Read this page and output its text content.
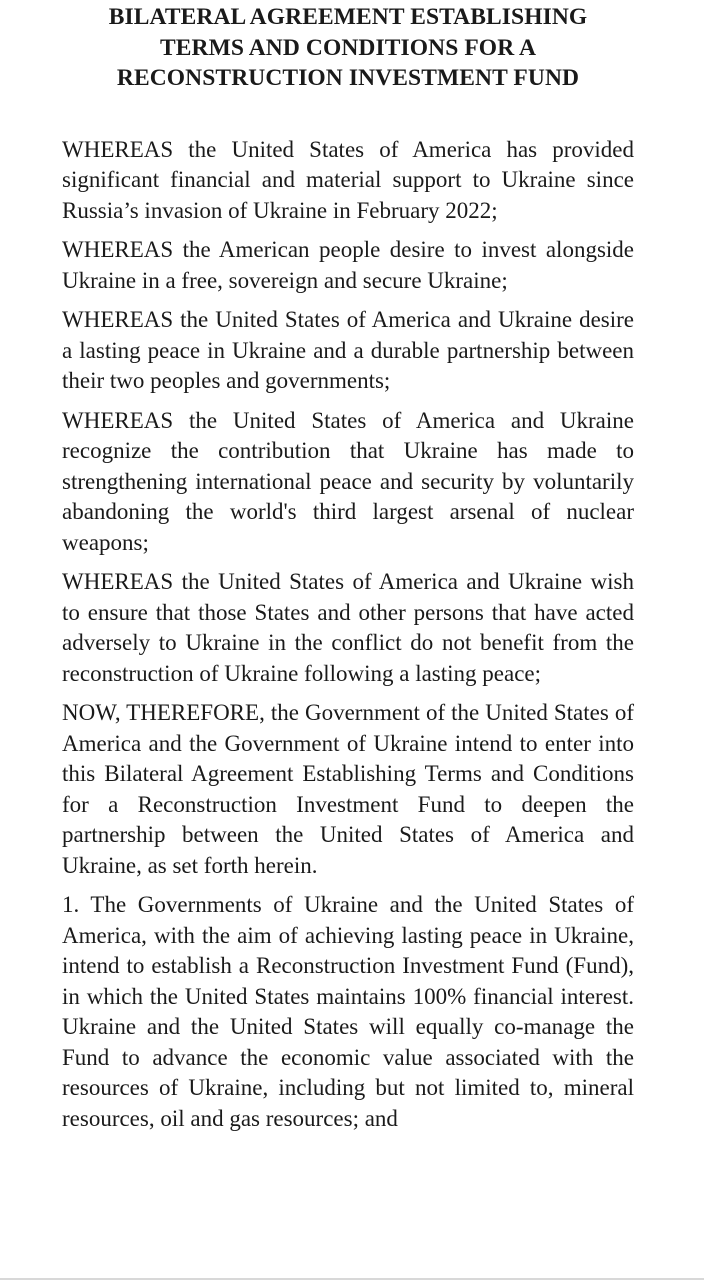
BILATERAL AGREEMENT ESTABLISHING
TERMS AND CONDITIONS FOR A
RECONSTRUCTION INVESTMENT FUND

WHEREAS the United States of America has provided significant financial and material support to Ukraine since Russia’s invasion of Ukraine in February 2022;

WHEREAS the American people desire to invest alongside Ukraine in a free, sovereign and secure Ukraine;

WHEREAS the United States of America and Ukraine desire a lasting peace in Ukraine and a durable partnership between their two peoples and governments;

WHEREAS the United States of America and Ukraine recognize the contribution that Ukraine has made to strengthening international peace and security by voluntarily abandoning the world's third largest arsenal of nuclear weapons;

WHEREAS the United States of America and Ukraine wish to ensure that those States and other persons that have acted adversely to Ukraine in the conflict do not benefit from the reconstruction of Ukraine following a lasting peace;

NOW, THEREFORE, the Government of the United States of America and the Government of Ukraine intend to enter into this Bilateral Agreement Establishing Terms and Conditions for a Reconstruction Investment Fund to deepen the partnership between the United States of America and Ukraine, as set forth herein.

1. The Governments of Ukraine and the United States of America, with the aim of achieving lasting peace in Ukraine, intend to establish a Reconstruction Investment Fund (Fund), in which the United States maintains 100% financial interest. Ukraine and the United States will equally co-manage the Fund to advance the economic value associated with the resources of Ukraine, including but not limited to, mineral resources, oil and gas resources; and
